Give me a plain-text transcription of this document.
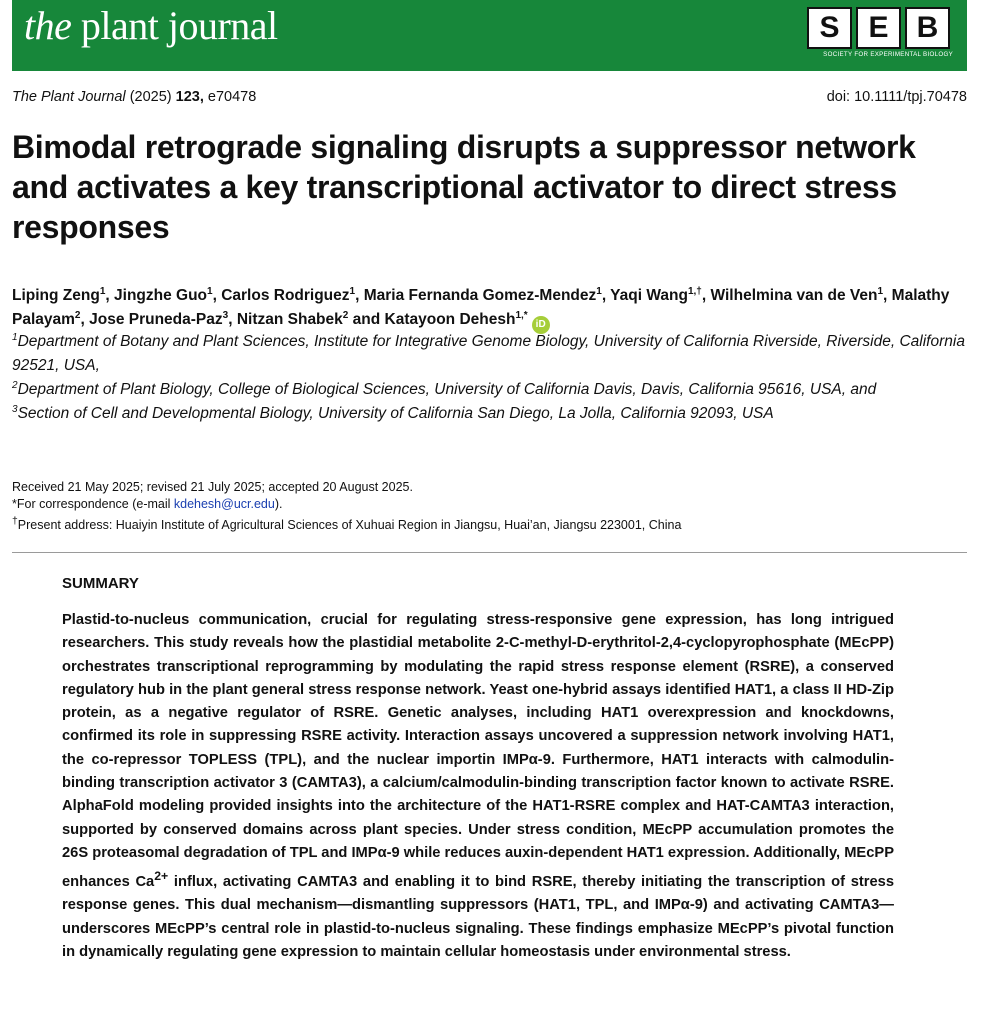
the plant journal	S E B
SOCIETY FOR EXPERIMENTAL BIOLOGY
The Plant Journal (2025) 123, e70478	doi: 10.1111/tpj.70478
Bimodal retrograde signaling disrupts a suppressor network and activates a key transcriptional activator to direct stress responses
Liping Zeng$^1$, Jingzhe Guo$^1$, Carlos Rodriguez$^1$, Maria Fernanda Gomez-Mendez$^1$, Yaqi Wang$^{1,\dagger}$, Wilhelmina van de Ven$^1$, Malathy Palayam$^2$, Jose Pruneda-Paz$^3$, Nitzan Shabek$^2$ and Katayoon Dehesh$^{1,*}$iD
$^1$Department of Botany and Plant Sciences, Institute for Integrative Genome Biology, University of California Riverside, Riverside, California 92521, USA,
$^2$Department of Plant Biology, College of Biological Sciences, University of California Davis, Davis, California 95616, USA, and
$^3$Section of Cell and Developmental Biology, University of California San Diego, La Jolla, California 92093, USA
Received 21 May 2025; revised 21 July 2025; accepted 20 August 2025.
*For correspondence (e-mail kdehesh@ucr.edu).
†Present address: Huaiyin Institute of Agricultural Sciences of Xuhuai Region in Jiangsu, Huai’an, Jiangsu 223001, China
SUMMARY

Plastid-to-nucleus communication, crucial for regulating stress-responsive gene expression, has long intrigued researchers. This study reveals how the plastidial metabolite 2-C-methyl-D-erythritol-2,4-cyclopyrophosphate (MEcPP) orchestrates transcriptional reprogramming by modulating the rapid stress response element (RSRE), a conserved regulatory hub in the plant general stress response network. Yeast one-hybrid assays identified HAT1, a class II HD-Zip protein, as a negative regulator of RSRE. Genetic analyses, including HAT1 overexpression and knockdowns, confirmed its role in suppressing RSRE activity. Interaction assays uncovered a suppression network involving HAT1, the co-repressor TOPLESS (TPL), and the nuclear importin IMPα-9. Furthermore, HAT1 interacts with calmodulin-binding transcription activator 3 (CAMTA3), a calcium/calmodulin-binding transcription factor known to activate RSRE. AlphaFold modeling provided insights into the architecture of the HAT1-RSRE complex and HAT-CAMTA3 interaction, supported by conserved domains across plant species. Under stress condition, MEcPP accumulation promotes the 26S proteasomal degradation of TPL and IMPα-9 while reduces auxin-dependent HAT1 expression. Additionally, MEcPP enhances $Ca^{2+}$ influx, activating CAMTA3 and enabling it to bind RSRE, thereby initiating the transcription of stress response genes. This dual mechanism—dismantling suppressors (HAT1, TPL, and IMPα-9) and activating CAMTA3—underscores MEcPP’s central role in plastid-to-nucleus signaling. These findings emphasize MEcPP’s pivotal function in dynamically regulating gene expression to maintain cellular homeostasis under environmental stress.
